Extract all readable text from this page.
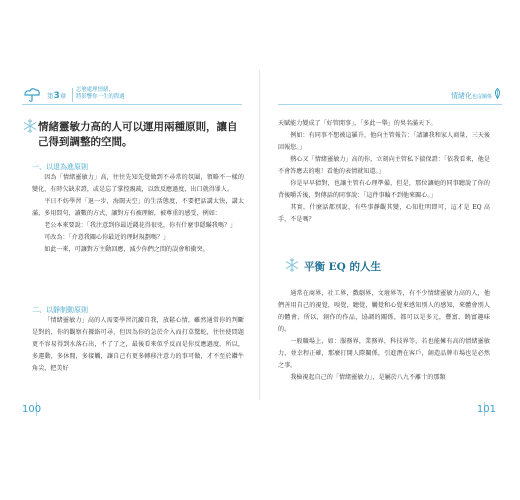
第3章
怎麼處理情緒，
將影響你一生的際遇
情緒靈敏力高的人可以運用兩種原則，讓自己得到調整的空間。
一、以退為進原則

因為「情緒靈敏力」高，往往先知先覺做到不尋常的氛圍，領略不一樣的變化，有時欠缺求證，或是忘了掌控親疏，以致反應過度，出口就得罪人。

平日不妨學習「退一步，海闊天空」的生活態度，不要把話講太快，講太滿，多用問句，讀數的方式，讓對方有被理解，被尊重的感受，例如：

老公本來要說：「我注意到你最近錢花得很兇，你有什麼事隱瞞我嗎？」

可改為：「介意我關心你最近的理財規劃嗎？」

如此一來，可讓對方主動回應，減少你們之間的誤會和衝突。

二、以靜制動原則

「情緒靈敏力」高的人需要學習沉澱自我，放鬆心情，雖然通常你的判斷是對的，你的觀察有據絡可尋，但因為你的急於介入而打草驚蛇，往往使問題更不容易得到水落石出，不了了之，最後看來似乎反而是你反應過度，所以，多運動，多休閒，多接觸，讓自己有更多轉移注意力的事可做，才不至於鑽牛角尖，把美好

100
情緒化也沒關係

天賦能力變成了「好管閒事」，「多此一舉」的臭名滿天下。

例如：有同事不想被這羅升，他向主管報告：「請讓我和家人商量，三天後回報您。」

熱心又「情緒靈敏力」高的你，立刻向主管私下揣保證：「依我看來，他是不會答應去的啦！看他的表情就知道。」

你是早早猜對，也讓主管有心理準備，但是，那位讓她的同事聽說了你的背後嚼舌後，對傳話的同事說：「這件事輪不到他來關心。」

其實，什麼話都別說，有些事靜觀其變，心知肚明即可，這才是 EQ 高手，不是嗎？

平衡 EQ 的人生

通常在商界，社工界，戲劇界，文壇界等，有不少情緒靈敏力高的人，他們善用自己的視覺，嗅覺，聽覺，觸覺和心覺來感知別人的感知，來體會別人的體會，所以，創作的作品，協調的關係，都可以是多元，豐富，饒富趣味的。

一般職場上，如：服務界，業務界，科技界等，若也能擁有高的情緒靈敏力，並幸程正確，那麼打開人際關係，引進潛在客戶，創造品牌市場也是必然之事。

我檢視起自己的「情緒靈敏力」，是屬於八九不離十的那類

101
